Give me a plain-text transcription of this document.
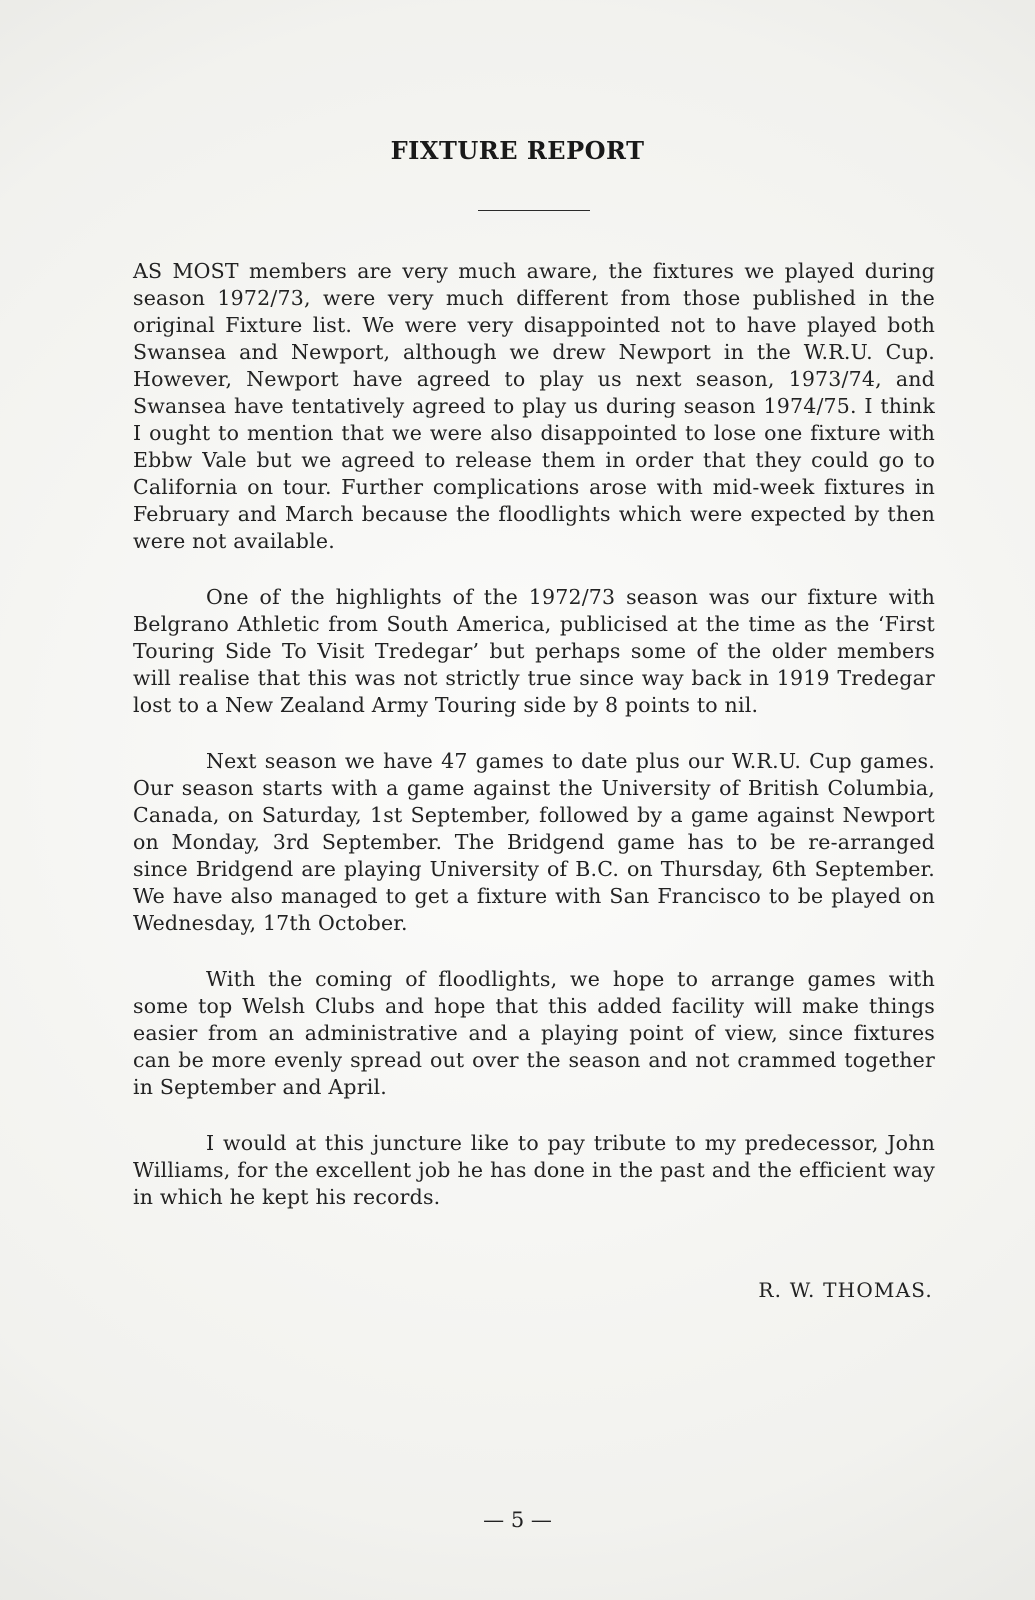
FIXTURE REPORT

AS MOST members are very much aware, the fixtures we played during season 1972/73, were very much different from those published in the original Fixture list. We were very disappointed not to have played both Swansea and Newport, although we drew Newport in the W.R.U. Cup. However, Newport have agreed to play us next season, 1973/74, and Swansea have tentatively agreed to play us during season 1974/75. I think I ought to mention that we were also disappointed to lose one fixture with Ebbw Vale but we agreed to release them in order that they could go to California on tour. Further complications arose with mid-week fixtures in February and March because the floodlights which were expected by then were not available.

One of the highlights of the 1972/73 season was our fixture with Belgrano Athletic from South America, publicised at the time as the ‘First Touring Side To Visit Tredegar’ but perhaps some of the older members will realise that this was not strictly true since way back in 1919 Tredegar lost to a New Zealand Army Touring side by 8 points to nil.

Next season we have 47 games to date plus our W.R.U. Cup games. Our season starts with a game against the University of British Columbia, Canada, on Saturday, 1st September, followed by a game against Newport on Monday, 3rd September. The Bridgend game has to be re-arranged since Bridgend are playing University of B.C. on Thursday, 6th September. We have also managed to get a fixture with San Francisco to be played on Wednesday, 17th October.

With the coming of floodlights, we hope to arrange games with some top Welsh Clubs and hope that this added facility will make things easier from an administrative and a playing point of view, since fixtures can be more evenly spread out over the season and not crammed together in September and April.

I would at this juncture like to pay tribute to my predecessor, John Williams, for the excellent job he has done in the past and the efficient way in which he kept his records.

R. W. THOMAS.

— 5 —
